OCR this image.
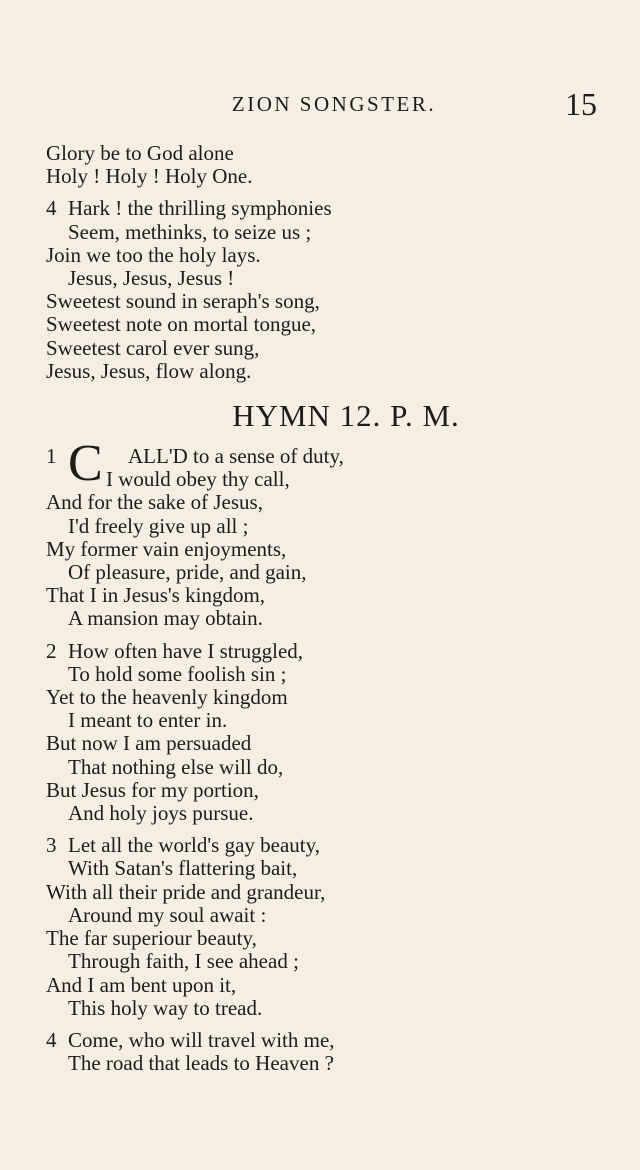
ZION SONGSTER.	15
Glory be to God alone
Holy ! Holy ! Holy One.
4 Hark ! the thrilling symphonies
Seem, methinks, to seize us ;
Join we too the holy lays.
Jesus, Jesus, Jesus !
Sweetest sound in seraph's song,
Sweetest note on mortal tongue,
Sweetest carol ever sung,
Jesus, Jesus, flow along.
HYMN 12. P. M.
1 C ALL'D to a sense of duty,
I would obey thy call,
And for the sake of Jesus,
I'd freely give up all ;
My former vain enjoyments,
Of pleasure, pride, and gain,
That I in Jesus's kingdom,
A mansion may obtain.
2 How often have I struggled,
To hold some foolish sin ;
Yet to the heavenly kingdom
I meant to enter in.
But now I am persuaded
That nothing else will do,
But Jesus for my portion,
And holy joys pursue.
3 Let all the world's gay beauty,
With Satan's flattering bait,
With all their pride and grandeur,
Around my soul await :
The far superiour beauty,
Through faith, I see ahead ;
And I am bent upon it,
This holy way to tread.
4 Come, who will travel with me,
The road that leads to Heaven ?
